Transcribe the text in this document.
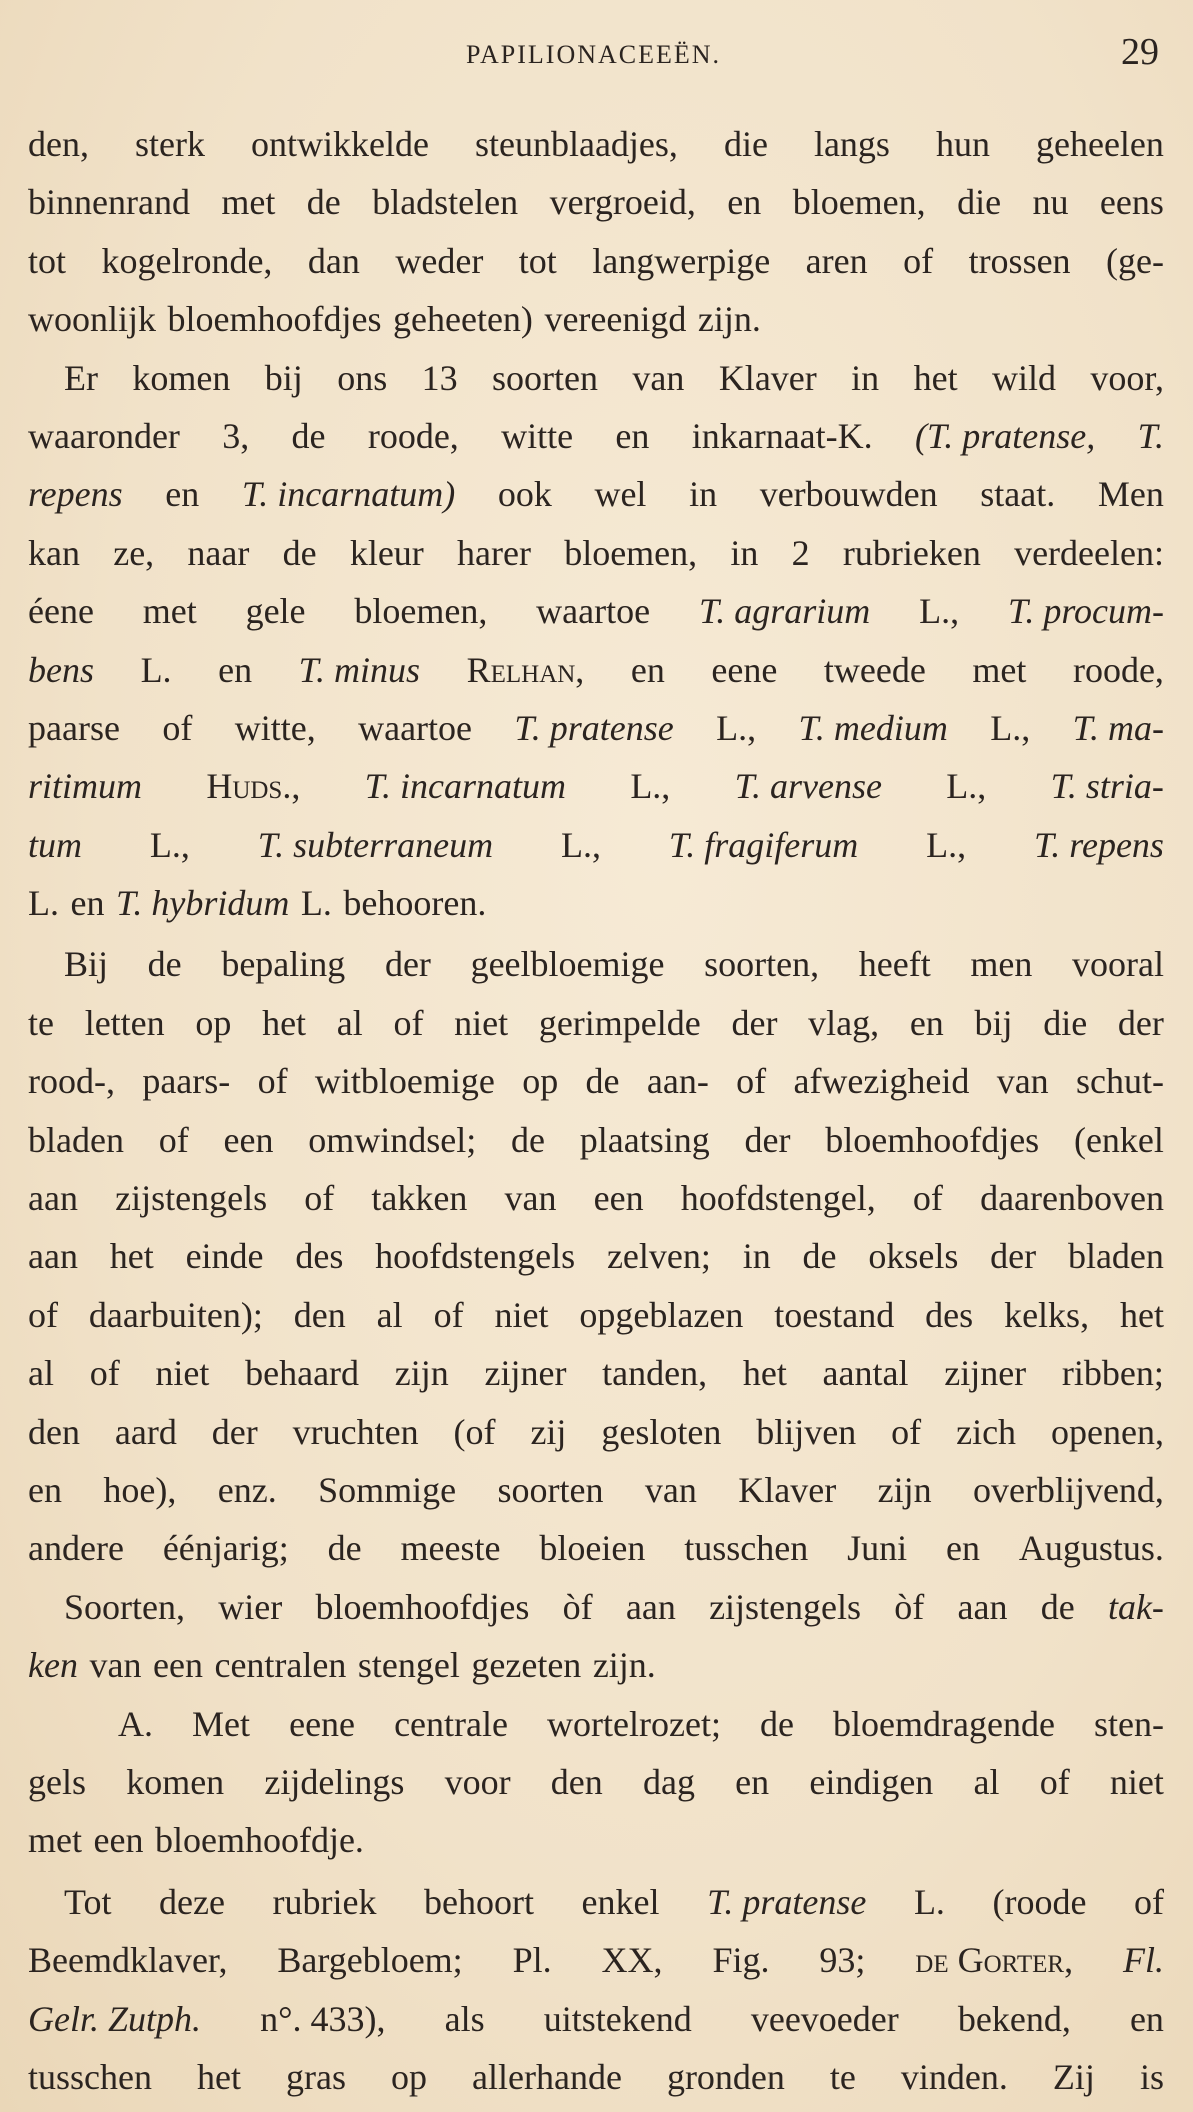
PAPILIONACEEËN.	29
den, sterk ontwikkelde steunblaadjes, die langs hun geheelen
binnenrand met de bladstelen vergroeid, en bloemen, die nu eens
tot kogelronde, dan weder tot langwerpige aren of trossen (ge-
woonlijk bloemhoofdjes geheeten) vereenigd zijn.
Er komen bij ons 13 soorten van Klaver in het wild voor,
waaronder 3, de roode, witte en inkarnaat-K. (T. pratense, T.
repens en T. incarnatum) ook wel in verbouwden staat. Men
kan ze, naar de kleur harer bloemen, in 2 rubrieken verdeelen:
éene met gele bloemen, waartoe T. agrarium L., T. procum-
bens L. en T. minus Relhan, en eene tweede met roode,
paarse of witte, waartoe T. pratense L., T. medium L., T. ma-
ritimum Huds., T. incarnatum L., T. arvense L., T. stria-
tum L., T. subterraneum L., T. fragiferum L., T. repens
L. en T. hybridum L. behooren.
Bij de bepaling der geelbloemige soorten, heeft men vooral
te letten op het al of niet gerimpelde der vlag, en bij die der
rood-, paars- of witbloemige op de aan- of afwezigheid van schut-
bladen of een omwindsel; de plaatsing der bloemhoofdjes (enkel
aan zijstengels of takken van een hoofdstengel, of daarenboven
aan het einde des hoofdstengels zelven; in de oksels der bladen
of daarbuiten); den al of niet opgeblazen toestand des kelks, het
al of niet behaard zijn zijner tanden, het aantal zijner ribben;
den aard der vruchten (of zij gesloten blijven of zich openen,
en hoe), enz. Sommige soorten van Klaver zijn overblijvend,
andere éénjarig; de meeste bloeien tusschen Juni en Augustus.
Soorten, wier bloemhoofdjes òf aan zijstengels òf aan de tak-
ken van een centralen stengel gezeten zijn.
A. Met eene centrale wortelrozet; de bloemdragende sten-
gels komen zijdelings voor den dag en eindigen al of niet
met een bloemhoofdje.
Tot deze rubriek behoort enkel T. pratense L. (roode of
Beemdklaver, Bargebloem; Pl. XX, Fig. 93; de Gorter, Fl.
Gelr. Zutph. n°. 433), als uitstekend veevoeder bekend, en
tusschen het gras op allerhande gronden te vinden. Zij is
